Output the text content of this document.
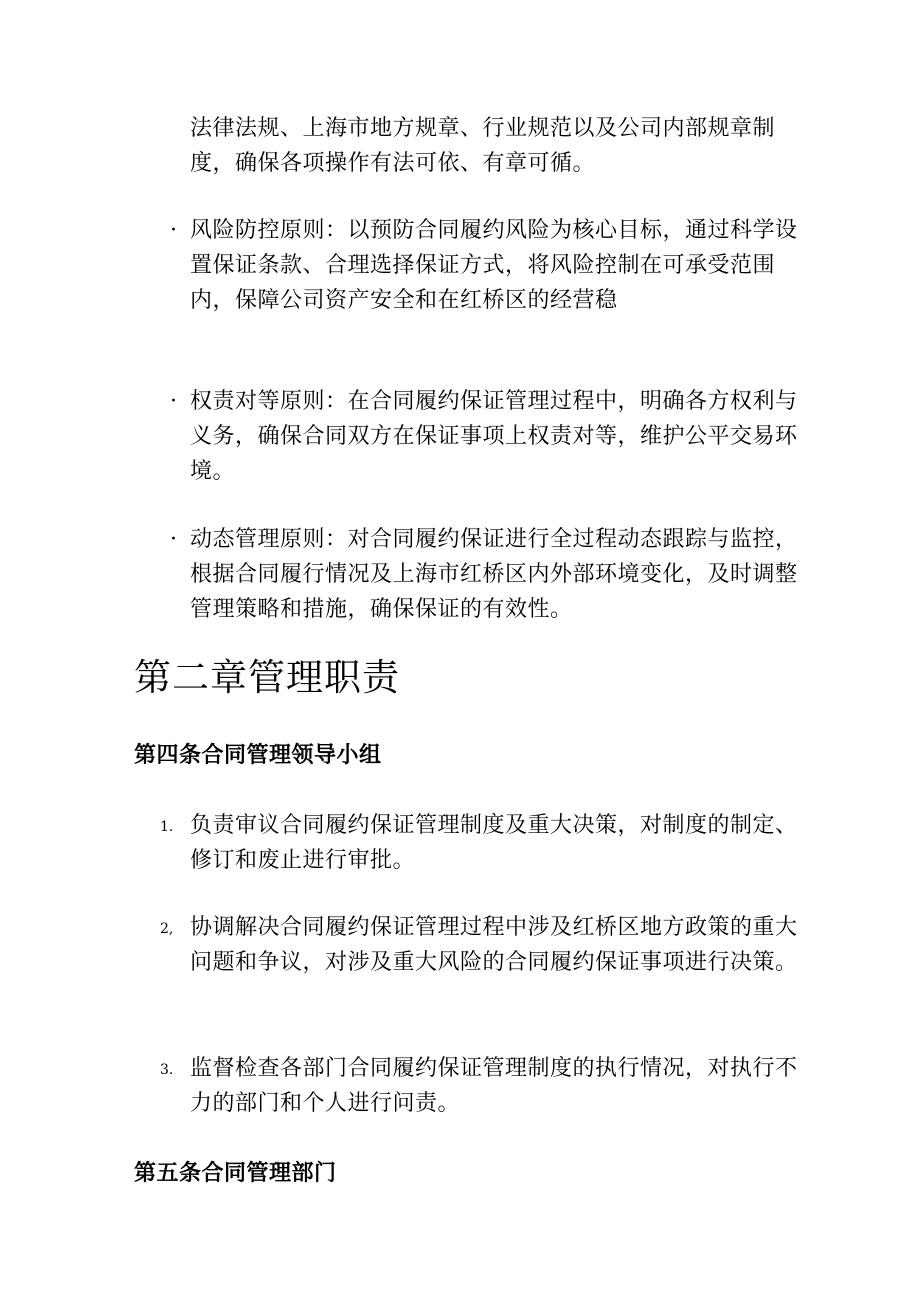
法律法规、上海市地方规章、行业规范以及公司内部规章制度，确保各项操作有法可依、有章可循。

· 风险防控原则：以预防合同履约风险为核心目标，通过科学设置保证条款、合理选择保证方式，将风险控制在可承受范围内，保障公司资产安全和在红桥区的经营稳
· 权责对等原则：在合同履约保证管理过程中，明确各方权利与义务，确保合同双方在保证事项上权责对等，维护公平交易环境。
· 动态管理原则：对合同履约保证进行全过程动态跟踪与监控，根据合同履行情况及上海市红桥区内外部环境变化，及时调整管理策略和措施，确保保证的有效性。
第二章管理职责
第四条合同管理领导小组
1. 负责审议合同履约保证管理制度及重大决策，对制度的制定、修订和废止进行审批。
2, 协调解决合同履约保证管理过程中涉及红桥区地方政策的重大问题和争议，对涉及重大风险的合同履约保证事项进行决策。
3. 监督检查各部门合同履约保证管理制度的执行情况，对执行不力的部门和个人进行问责。
第五条合同管理部门
